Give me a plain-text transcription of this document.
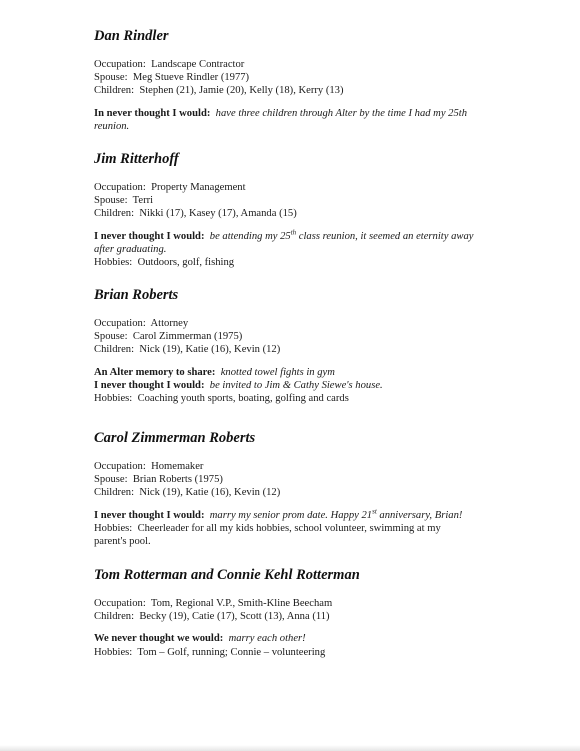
Dan Rindler

Occupation: Landscape Contractor

Spouse: Meg Stueve Rindler (1977)

Children: Stephen (21), Jamie (20), Kelly (18), Kerry (13)

In never thought I would: have three children through Alter by the time I had my 25th

reunion.

Jim Ritterhoff

Occupation: Property Management

Spouse: Terri

Children: Nikki (17), Kasey (17), Amanda (15)

I never thought I would: be attending my 25th class reunion, it seemed an eternity away

after graduating.

Hobbies: Outdoors, golf, fishing

Brian Roberts

Occupation: Attorney

Spouse: Carol Zimmerman (1975)

Children: Nick (19), Katie (16), Kevin (12)

An Alter memory to share: knotted towel fights in gym

I never thought I would: be invited to Jim & Cathy Siewe's house.

Hobbies: Coaching youth sports, boating, golfing and cards

Carol Zimmerman Roberts

Occupation: Homemaker

Spouse: Brian Roberts (1975)

Children: Nick (19), Katie (16), Kevin (12)

I never thought I would: marry my senior prom date. Happy 21st anniversary, Brian!

Hobbies: Cheerleader for all my kids hobbies, school volunteer, swimming at my

parent's pool.

Tom Rotterman and Connie Kehl Rotterman

Occupation: Tom, Regional V.P., Smith-Kline Beecham

Children: Becky (19), Catie (17), Scott (13), Anna (11)

We never thought we would: marry each other!

Hobbies: Tom – Golf, running; Connie – volunteering
